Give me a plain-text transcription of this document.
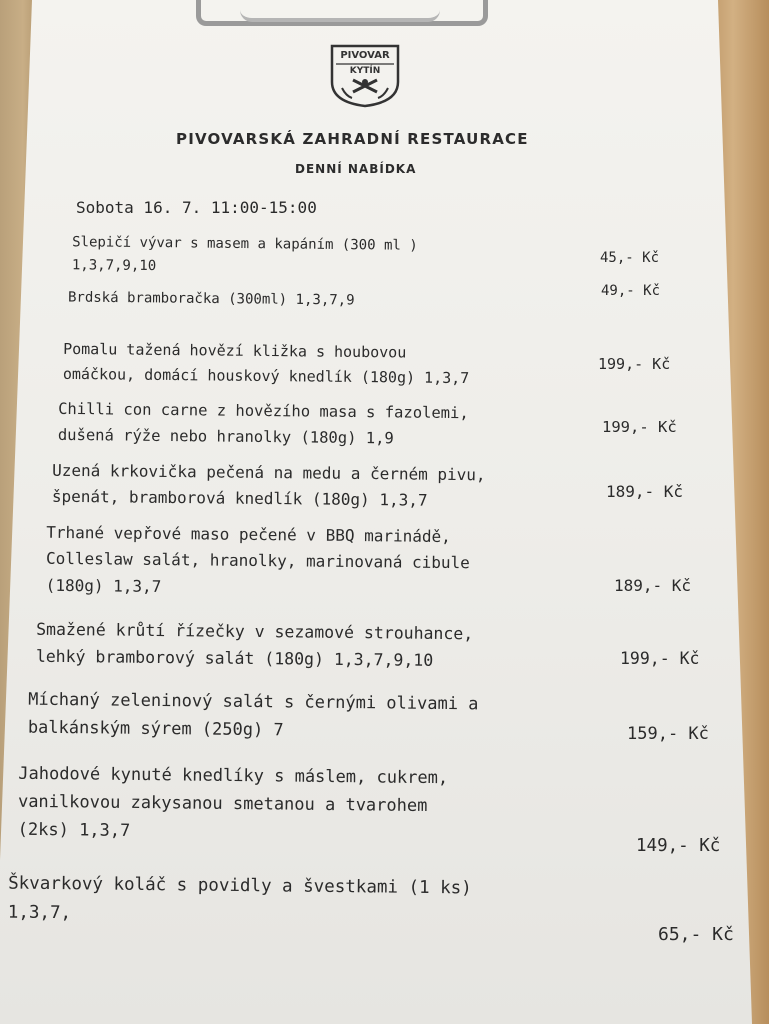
PIVOVAR
KYTÍN
PIVOVARSKÁ ZAHRADNÍ RESTAURACE
DENNÍ NABÍDKA
Sobota 16. 7. 11:00-15:00
Slepičí vývar s masem a kapáním (300 ml )
1,3,7,9,10	45,- Kč
Brdská bramboračka (300ml) 1,3,7,9	49,- Kč
Pomalu tažená hovězí kližka s houbovou
omáčkou, domácí houskový knedlík (180g) 1,3,7
199,- Kč
Chilli con carne z hovězího masa s fazolemi,
dušená rýže nebo hranolky (180g) 1,9	199,- Kč
Uzená krkovička pečená na medu a černém pivu,
špenát, bramborová knedlík (180g) 1,3,7	189,- Kč
Trhané vepřové maso pečené v BBQ marinádě,
Colleslaw salát, hranolky, marinovaná cibule
(180g) 1,3,7	189,- Kč
Smažené krůtí řízečky v sezamové strouhance,
lehký bramborový salát (180g) 1,3,7,9,10	199,- Kč
Míchaný zeleninový salát s černými olivami a
balkánským sýrem (250g) 7	159,- Kč
Jahodové kynuté knedlíky s máslem, cukrem,
vanilkovou zakysanou smetanou a tvarohem
(2ks) 1,3,7
149,- Kč
Škvarkový koláč s povidly a švestkami (1 ks)
1,3,7,
65,- Kč
